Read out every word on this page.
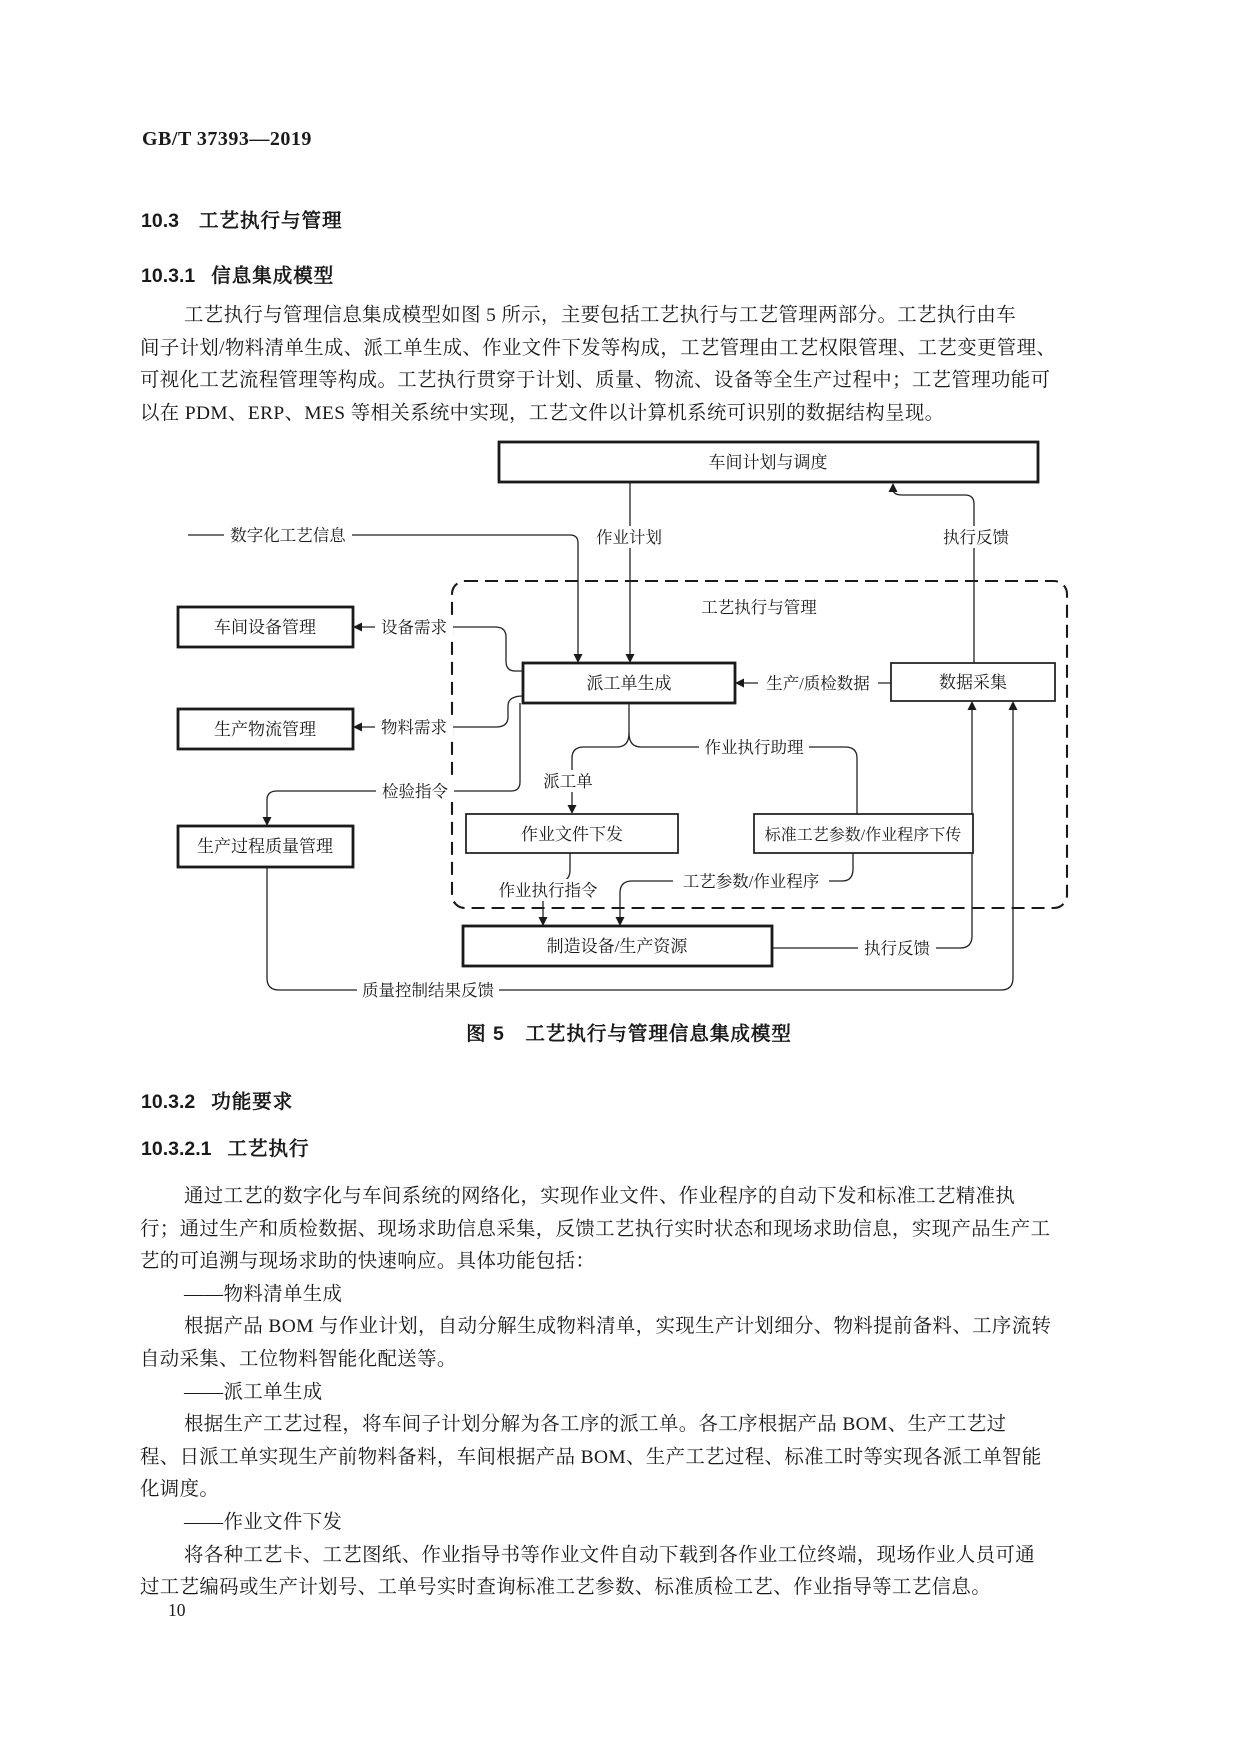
GB/T 37393—2019
10.3 工艺执行与管理
10.3.1 信息集成模型
工艺执行与管理信息集成模型如图 5 所示，主要包括工艺执行与工艺管理两部分。工艺执行由车
间子计划/物料清单生成、派工单生成、作业文件下发等构成，工艺管理由工艺权限管理、工艺变更管理、
可视化工艺流程管理等构成。工艺执行贯穿于计划、质量、物流、设备等全生产过程中；工艺管理功能可
以在 PDM、ERP、MES 等相关系统中实现，工艺文件以计算机系统可识别的数据结构呈现。
工艺执行与管理
数字化工艺信息	作业计划	执行反馈
生产/质检数据
设备需求
物料需求
检验指令
派工单
作业执行助理
作业执行指令	工艺参数/作业程序
执行反馈
质量控制结果反馈
车间计划与调度
车间设备管理
生产物流管理
生产过程质量管理
派工单生成	数据采集
作业文件下发	标准工艺参数/作业程序下传
制造设备/生产资源
图 5　工艺执行与管理信息集成模型
10.3.2 功能要求
10.3.2.1 工艺执行
通过工艺的数字化与车间系统的网络化，实现作业文件、作业程序的自动下发和标准工艺精准执
行；通过生产和质检数据、现场求助信息采集，反馈工艺执行实时状态和现场求助信息，实现产品生产工
艺的可追溯与现场求助的快速响应。具体功能包括：
——物料清单生成
根据产品 BOM 与作业计划，自动分解生成物料清单，实现生产计划细分、物料提前备料、工序流转
自动采集、工位物料智能化配送等。
——派工单生成
根据生产工艺过程，将车间子计划分解为各工序的派工单。各工序根据产品 BOM、生产工艺过
程、日派工单实现生产前物料备料，车间根据产品 BOM、生产工艺过程、标准工时等实现各派工单智能
化调度。
——作业文件下发
将各种工艺卡、工艺图纸、作业指导书等作业文件自动下载到各作业工位终端，现场作业人员可通
过工艺编码或生产计划号、工单号实时查询标准工艺参数、标准质检工艺、作业指导等工艺信息。
10
